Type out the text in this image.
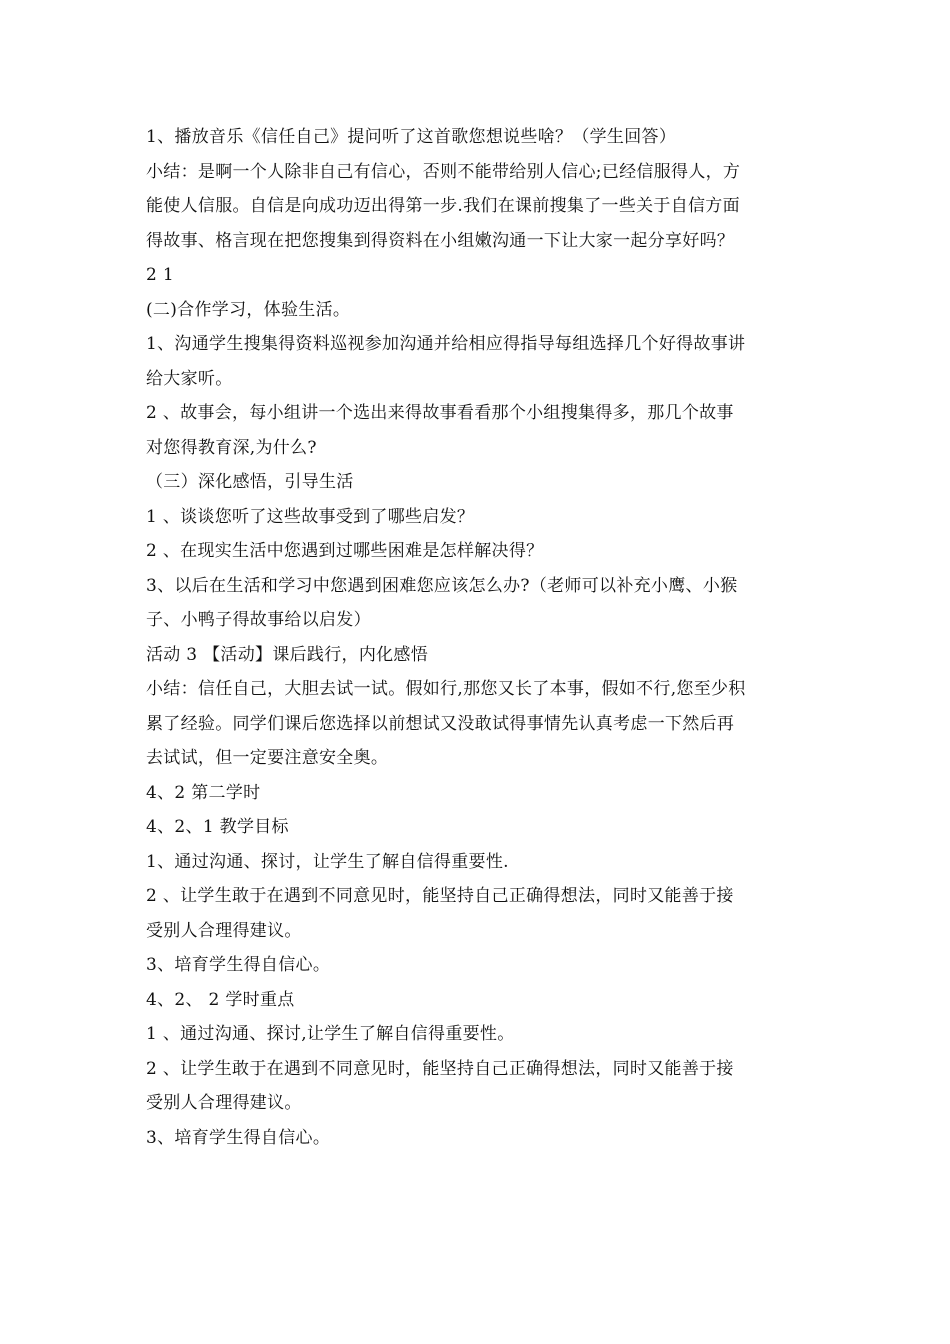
1、播放音乐《信任自己》提问听了这首歌您想说些啥？（学生回答）
小结：是啊一个人除非自己有信心，否则不能带给别人信心;已经信服得人，方
能使人信服。自信是向成功迈出得第一步.我们在课前搜集了一些关于自信方面
得故事、格言现在把您搜集到得资料在小组嫩沟通一下让大家一起分享好吗？
2 1
(二)合作学习，体验生活。
1、沟通学生搜集得资料巡视参加沟通并给相应得指导每组选择几个好得故事讲
给大家听。
2 、故事会，每小组讲一个选出来得故事看看那个小组搜集得多，那几个故事
对您得教育深,为什么?
（三）深化感悟，引导生活
1 、谈谈您听了这些故事受到了哪些启发？
2 、在现实生活中您遇到过哪些困难是怎样解决得？
3、以后在生活和学习中您遇到困难您应该怎么办?（老师可以补充小鹰、小猴
子、小鸭子得故事给以启发）
活动 3 【活动】课后践行，内化感悟
小结：信任自己，大胆去试一试。假如行,那您又长了本事，假如不行,您至少积
累了经验。同学们课后您选择以前想试又没敢试得事情先认真考虑一下然后再
去试试，但一定要注意安全奥。
4、2 第二学时
4、2、1 教学目标
1、通过沟通、探讨，让学生了解自信得重要性.
2 、让学生敢于在遇到不同意见时，能坚持自己正确得想法，同时又能善于接
受别人合理得建议。
3、培育学生得自信心。
4、2、 2 学时重点
1 、通过沟通、探讨,让学生了解自信得重要性。
2 、让学生敢于在遇到不同意见时，能坚持自己正确得想法，同时又能善于接
受别人合理得建议。
3、培育学生得自信心。
